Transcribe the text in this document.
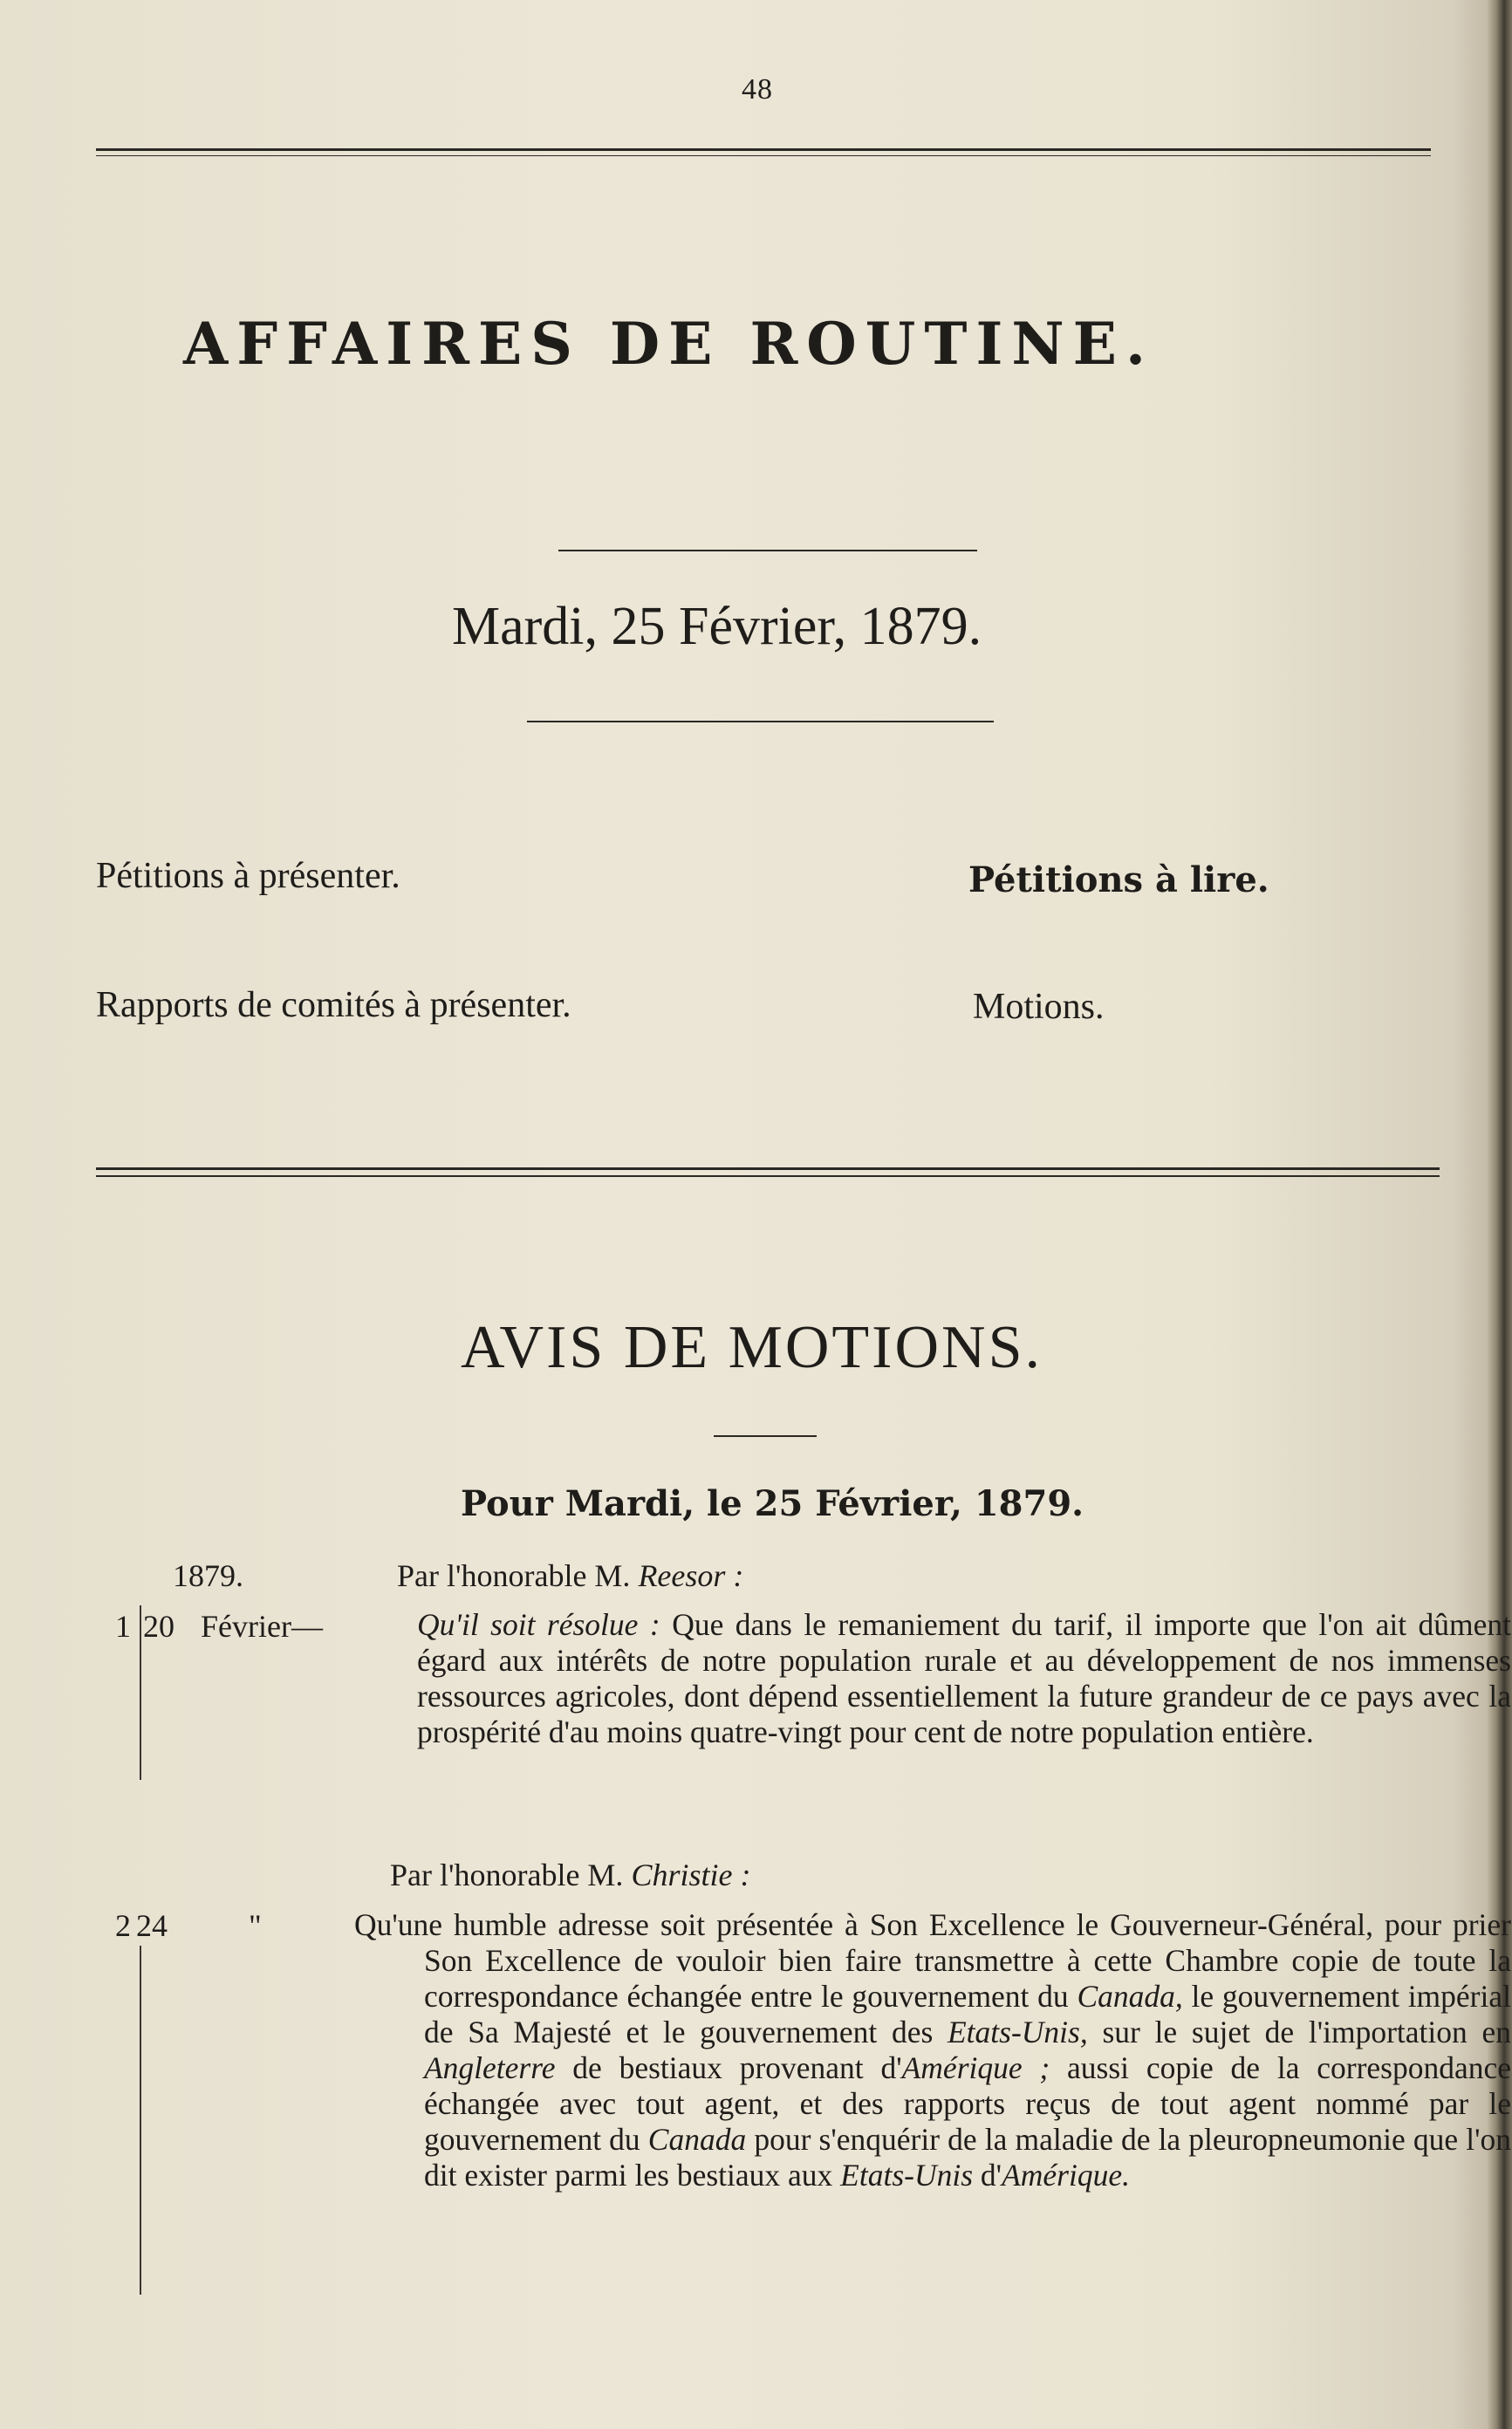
48
AFFAIRES DE ROUTINE.
Mardi, 25 Février, 1879.
Pétitions à présenter.	Pétitions à lire.
Rapports de comités à présenter.	Motions.
AVIS DE MOTIONS.
Pour Mardi, le 25 Février, 1879.
1879.	Par l'honorable M. Reesor :
1 20 Février—	Qu'il soit résolue : Que dans le remaniement du tarif, il importe que l'on ait dûment égard aux intérêts de notre population rurale et au développement de nos immenses ressources agricoles, dont dépend essentiellement la future grandeur de ce pays avec la prospérité d'au moins quatre-vingt pour cent de notre population entière.
Par l'honorable M. Christie :
2 24	"	Qu'une humble adresse soit présentée à Son Excellence le Gouverneur-Général, pour prier Son Excellence de vouloir bien faire transmettre à cette Chambre copie de toute la correspondance échangée entre le gouvernement du Canada, le gouvernement impérial de Sa Majesté et le gouvernement des Etats-Unis, sur le sujet de l'importation en Angleterre de bestiaux provenant d'Amérique ; aussi copie de la correspondance échangée avec tout agent, et des rapports reçus de tout agent nommé par le gouvernement du Canada pour s'enquérir de la maladie de la pleuropneumonie que l'on dit exister parmi les bestiaux aux Etats-Unis d'Amérique.
